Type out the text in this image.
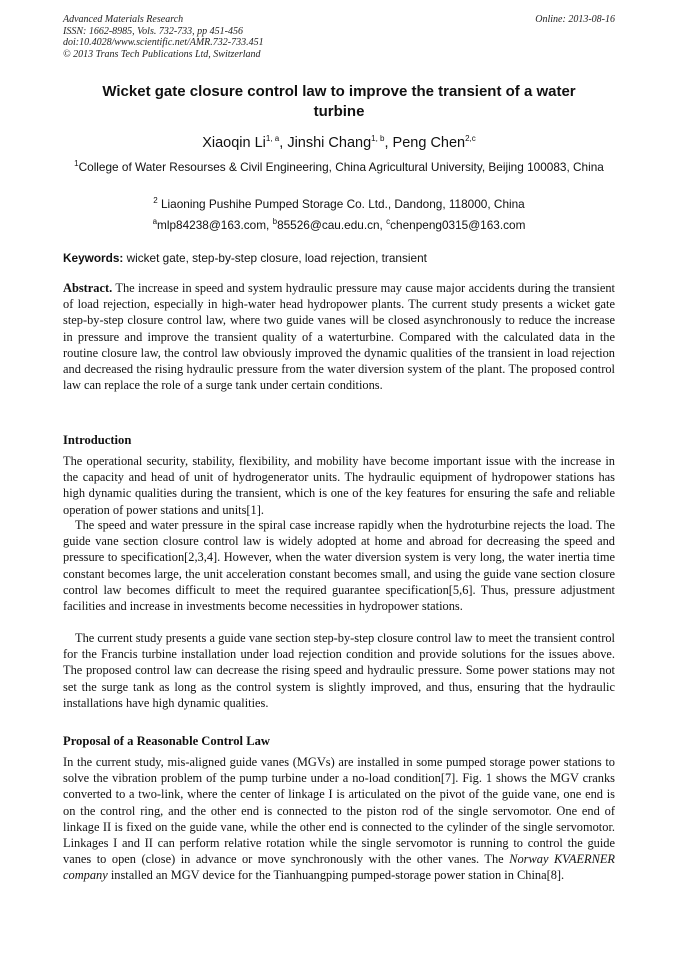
Advanced Materials Research
ISSN: 1662-8985, Vols. 732-733, pp 451-456
doi:10.4028/www.scientific.net/AMR.732-733.451
© 2013 Trans Tech Publications Ltd, Switzerland
Online: 2013-08-16
Wicket gate closure control law to improve the transient of a water
turbine
Xiaoqin Li$^{1, a}$, Jinshi Chang$^{1, b}$, Peng Chen$^{2,c}$
$^1$College of Water Resourses & Civil Engineering, China Agricultural University, Beijing 100083, China
$^2$ Liaoning Pushihe Pumped Storage Co. Ltd., Dandong, 118000, China
$^a$mlp84238@163.com, $^b$85526@cau.edu.cn, $^c$chenpeng0315@163.com
Keywords: wicket gate, step-by-step closure, load rejection, transient
Abstract. The increase in speed and system hydraulic pressure may cause major accidents during the transient of load rejection, especially in high-water head hydropower plants. The current study presents a wicket gate step-by-step closure control law, where two guide vanes will be closed asynchronously to reduce the increase in pressure and improve the transient quality of a waterturbine. Compared with the calculated data in the routine closure law, the control law obviously improved the dynamic qualities of the transient in load rejection and decreased the rising hydraulic pressure from the water diversion system of the plant. The proposed control law can replace the role of a surge tank under certain conditions.
Introduction
The operational security, stability, flexibility, and mobility have become important issue with the increase in the capacity and head of unit of hydrogenerator units. The hydraulic equipment of hydropower stations has high dynamic qualities during the transient, which is one of the key features for ensuring the safe and reliable operation of power stations and units[1].
The speed and water pressure in the spiral case increase rapidly when the hydroturbine rejects the load. The guide vane section closure control law is widely adopted at home and abroad for decreasing the speed and pressure to specification[2,3,4]. However, when the water diversion system is very long, the water inertia time constant becomes large, the unit acceleration constant becomes small, and using the guide vane section closure control law becomes difficult to meet the required guarantee specification[5,6]. Thus, pressure adjustment facilities and increase in investments become necessities in hydropower stations.
The current study presents a guide vane section step-by-step closure control law to meet the transient control for the Francis turbine installation under load rejection condition and provide solutions for the issues above. The proposed control law can decrease the rising speed and hydraulic pressure. Some power stations may not set the surge tank as long as the control system is slightly improved, and thus, ensuring that the hydraulic installations have high dynamic qualities.
Proposal of a Reasonable Control Law
In the current study, mis-aligned guide vanes (MGVs) are installed in some pumped storage power stations to solve the vibration problem of the pump turbine under a no-load condition[7]. Fig. 1 shows the MGV cranks converted to a two-link, where the center of linkage I is articulated on the pivot of the guide vane, one end is on the control ring, and the other end is connected to the piston rod of the single servomotor. One end of linkage II is fixed on the guide vane, while the other end is connected to the cylinder of the single servomotor. Linkages I and II can perform relative rotation while the single servomotor is running to control the guide vanes to open (close) in advance or move synchronously with the other vanes. The Norway KVAERNER company installed an MGV device for the Tianhuangping pumped-storage power station in China[8].
